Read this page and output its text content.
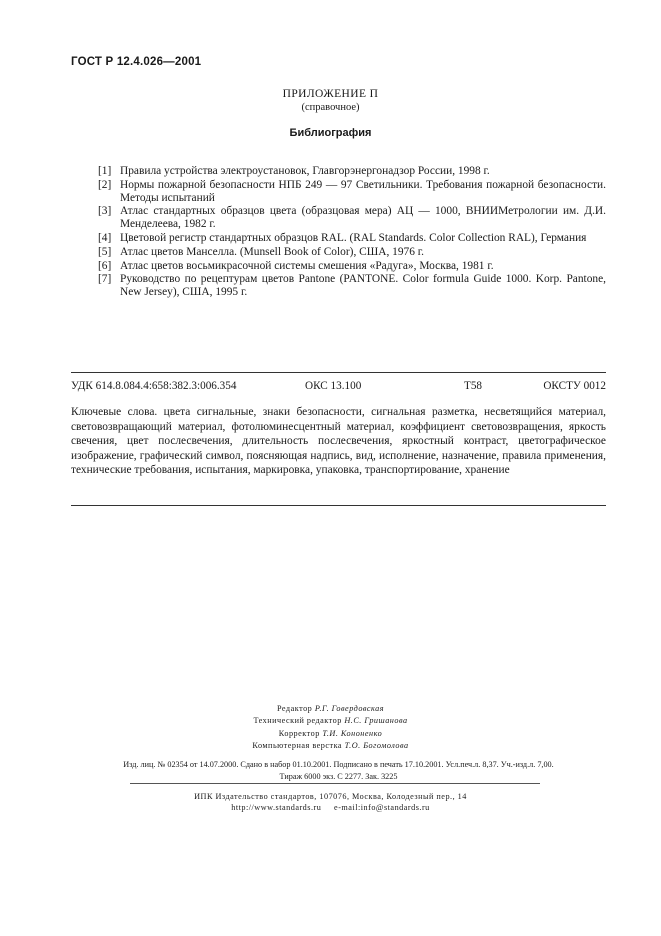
ГОСТ Р 12.4.026—2001
ПРИЛОЖЕНИЕ П
(справочное)
Библиография
[1] Правила устройства электроустановок, Главгорэнергонадзор России, 1998 г.
[2] Нормы пожарной безопасности НПБ 249 — 97 Светильники. Требования пожарной безопасности. Методы испытаний
[3] Атлас стандартных образцов цвета (образцовая мера) АЦ — 1000, ВНИИМетрологии им. Д.И. Менделеева, 1982 г.
[4] Цветовой регистр стандартных образцов RAL. (RAL Standards. Color Collection RAL), Германия
[5] Атлас цветов Манселла. (Munsell Book of Color), США, 1976 г.
[6] Атлас цветов восьмикрасочной системы смешения «Радуга», Москва, 1981 г.
[7] Руководство по рецептурам цветов Pantone (PANTONE. Color formula Guide 1000. Korp. Pantone, New Jersey), США, 1995 г.
УДК 614.8.084.4:658:382.3:006.354	ОКС 13.100	Т58	ОКСТУ 0012

Ключевые слова. цвета сигнальные, знаки безопасности, сигнальная разметка, несветящийся материал, световозвращающий материал, фотолюминесцентный материал, коэффициент световозвращения, яркость свечения, цвет послесвечения, длительность послесвечения, яркостный контраст, цветографическое изображение, графический символ, поясняющая надпись, вид, исполнение, назначение, правила применения, технические требования, испытания, маркировка, упаковка, транспортирование, хранение

Редактор Р.Г. Говердовская
Технический редактор Н.С. Гришанова
Корректор Т.И. Кононенко
Компьютерная верстка Т.О. Богомолова
Изд. лиц. № 02354 от 14.07.2000. Сдано в набор 01.10.2001. Подписано в печать 17.10.2001. Усл.печ.л. 8,37. Уч.-изд.л. 7,00.
Тираж 6000 экз. С 2277. Зак. 3225
ИПК Издательство стандартов, 107076, Москва, Колодезный пер., 14
http://www.standards.ru     e-mail:info@standards.ru
